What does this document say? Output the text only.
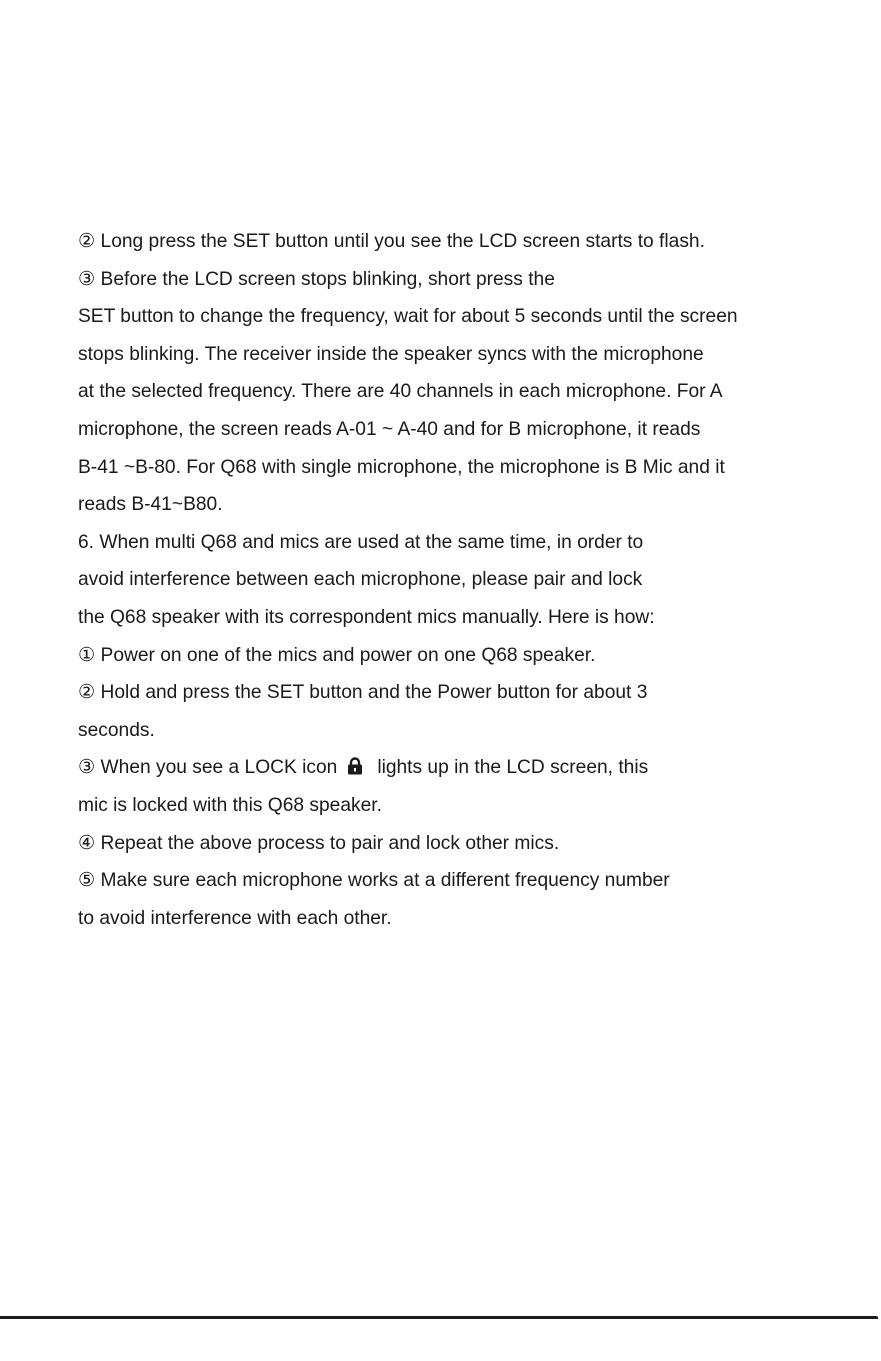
② Long press the SET button until you see the LCD screen starts to flash.
③ Before the LCD screen stops blinking, short press the
SET button to change the frequency, wait for about 5 seconds until the screen
stops blinking. The receiver inside the speaker syncs with the microphone
at the selected frequency. There are 40 channels in each microphone. For A
microphone, the screen reads A-01 ~ A-40 and for B microphone, it reads
B-41 ~B-80. For Q68 with single microphone, the microphone is B Mic and it
reads B-41~B80.
6. When multi Q68 and mics are used at the same time, in order to
avoid interference between each microphone, please pair and lock
the Q68 speaker with its correspondent mics manually. Here is how:
① Power on one of the mics and power on one Q68 speaker.
② Hold and press the SET button and the Power button for about 3
seconds.
③ When you see a LOCK icon lights up in the LCD screen, this
mic is locked with this Q68 speaker.
④ Repeat the above process to pair and lock other mics.
⑤ Make sure each microphone works at a different frequency number
to avoid interference with each other.
